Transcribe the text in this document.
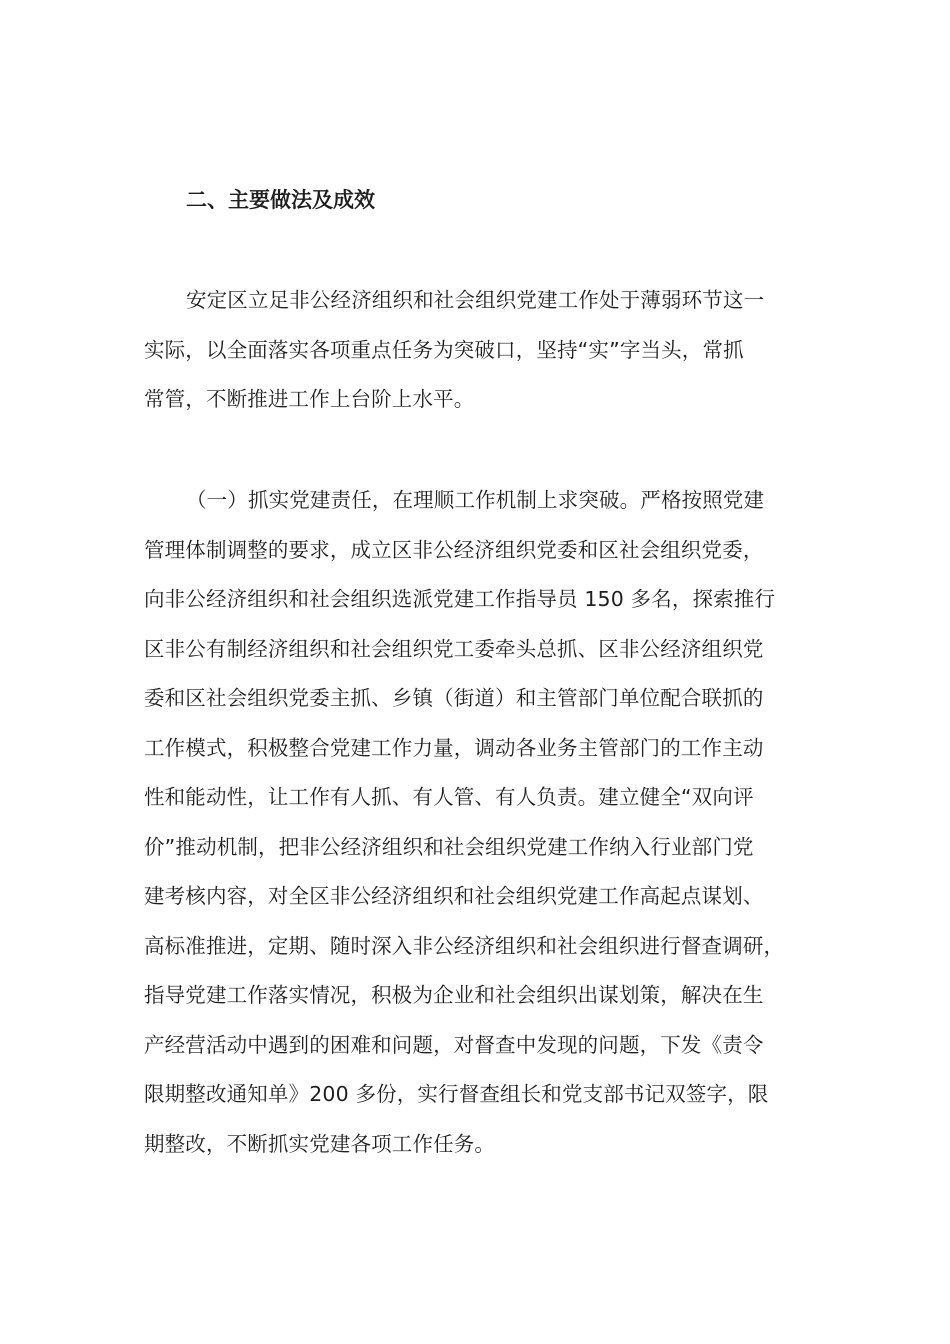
二、主要做法及成效

安定区立足非公经济组织和社会组织党建工作处于薄弱环节这一
实际，以全面落实各项重点任务为突破口，坚持“实”字当头，常抓
常管，不断推进工作上台阶上水平。

（一）抓实党建责任，在理顺工作机制上求突破。严格按照党建
管理体制调整的要求，成立区非公经济组织党委和区社会组织党委，
向非公经济组织和社会组织选派党建工作指导员 150 多名，探索推行
区非公有制经济组织和社会组织党工委牵头总抓、区非公经济组织党
委和区社会组织党委主抓、乡镇（街道）和主管部门单位配合联抓的
工作模式，积极整合党建工作力量，调动各业务主管部门的工作主动
性和能动性，让工作有人抓、有人管、有人负责。建立健全“双向评
价”推动机制，把非公经济组织和社会组织党建工作纳入行业部门党
建考核内容，对全区非公经济组织和社会组织党建工作高起点谋划、
高标准推进，定期、随时深入非公经济组织和社会组织进行督查调研，
指导党建工作落实情况，积极为企业和社会组织出谋划策，解决在生
产经营活动中遇到的困难和问题，对督查中发现的问题，下发《责令
限期整改通知单》200 多份，实行督查组长和党支部书记双签字，限
期整改，不断抓实党建各项工作任务。
